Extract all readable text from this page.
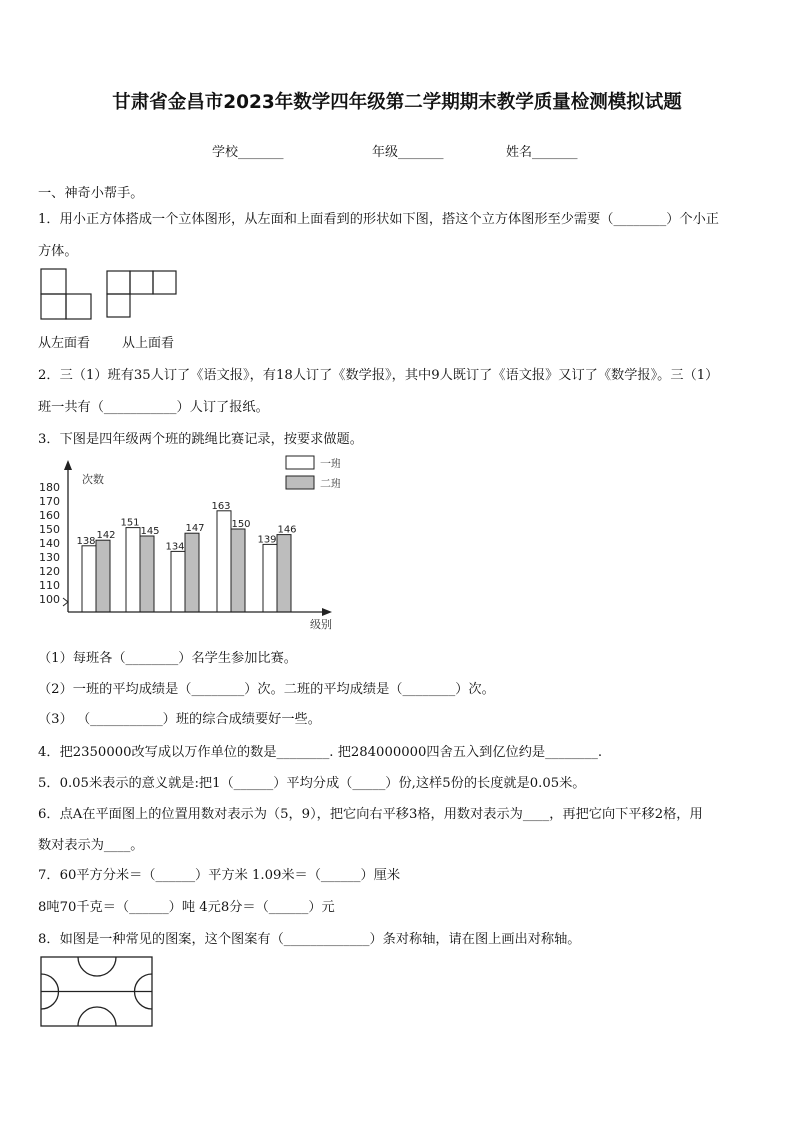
甘肃省金昌市2023年数学四年级第二学期期末教学质量检测模拟试题
学校_______	年级_______	姓名_______
一、神奇小帮手。
1．用小正方体搭成一个立体图形，从左面和上面看到的形状如下图，搭这个立方体图形至少需要（________）个小正
方体。
从左面看 从上面看
2．三（1）班有35人订了《语文报》，有18人订了《数学报》，其中9人既订了《语文报》又订了《数学报》。三（1）
班一共有（___________）人订了报纸。
3．下图是四年级两个班的跳绳比赛记录，按要求做题。
180
170
160
150
140
130
120
110
100
138
142
151
145
134
147
163
150
139
146
一班
二班
次数
级别
（1）每班各（________）名学生参加比赛。
（2）一班的平均成绩是（________）次。二班的平均成绩是（________）次。
（3） （___________）班的综合成绩要好一些。
4．把2350000改写成以万作单位的数是________. 把284000000四舍五入到亿位约是________.
5．0.05米表示的意义就是:把1（______）平均分成（_____）份,这样5份的长度就是0.05米。
6．点A在平面图上的位置用数对表示为（5，9），把它向右平移3格，用数对表示为____，再把它向下平移2格，用
数对表示为____。
7．60平方分米＝（______）平方米 1.09米＝（______）厘米
8吨70千克＝（______）吨 4元8分＝（______）元
8．如图是一种常见的图案，这个图案有（_____________）条对称轴，请在图上画出对称轴。
